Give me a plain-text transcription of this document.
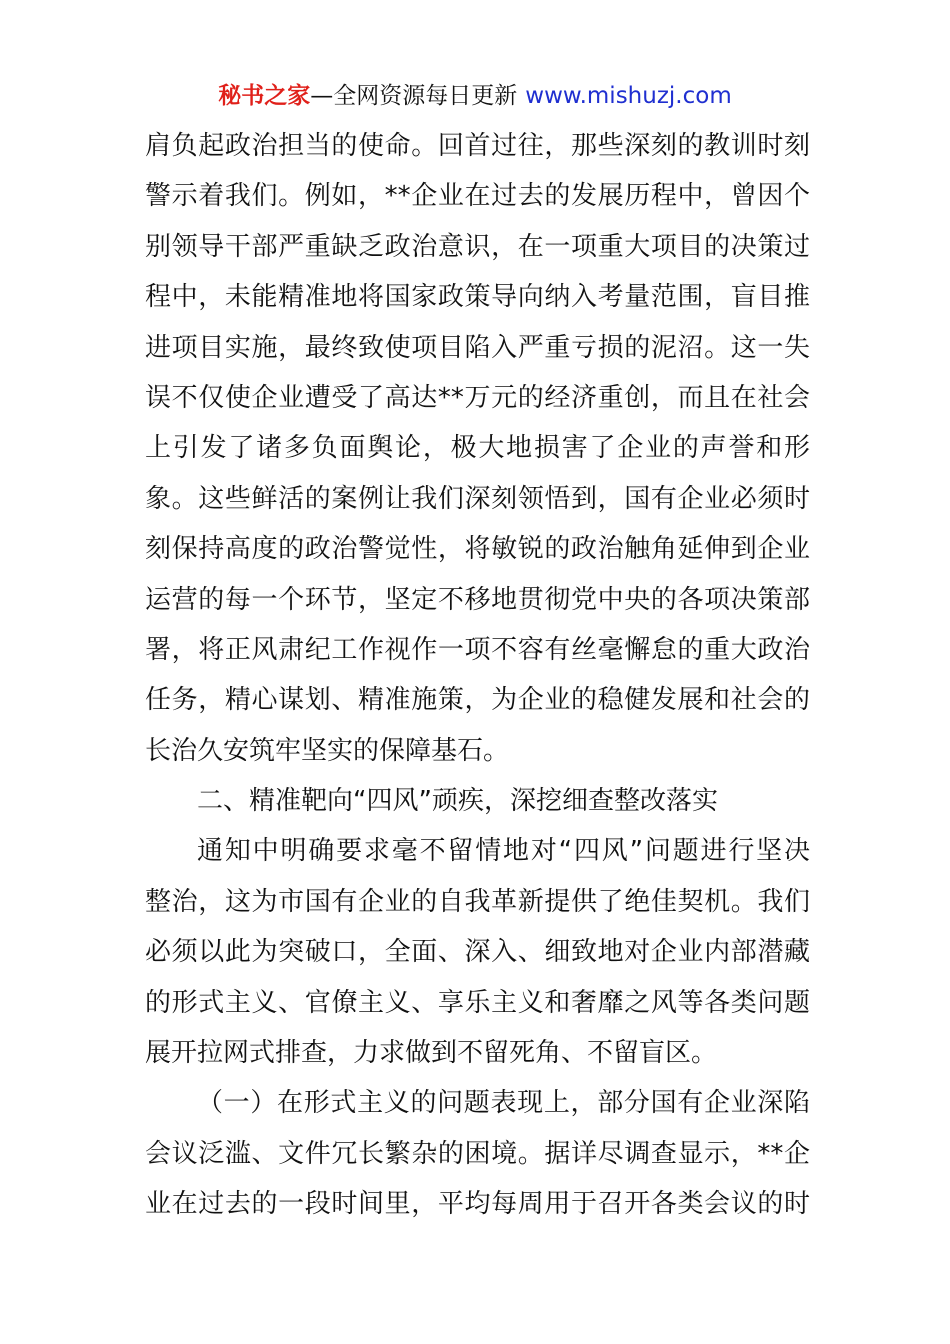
秘书之家—全网资源每日更新 www.mishuzj.com
肩负起政治担当的使命。回首过往，那些深刻的教训时刻
警示着我们。例如，**企业在过去的发展历程中，曾因个
别领导干部严重缺乏政治意识，在一项重大项目的决策过
程中，未能精准地将国家政策导向纳入考量范围，盲目推
进项目实施，最终致使项目陷入严重亏损的泥沼。这一失
误不仅使企业遭受了高达**万元的经济重创，而且在社会
上引发了诸多负面舆论，极大地损害了企业的声誉和形
象。这些鲜活的案例让我们深刻领悟到，国有企业必须时
刻保持高度的政治警觉性，将敏锐的政治触角延伸到企业
运营的每一个环节，坚定不移地贯彻党中央的各项决策部
署，将正风肃纪工作视作一项不容有丝毫懈怠的重大政治
任务，精心谋划、精准施策，为企业的稳健发展和社会的
长治久安筑牢坚实的保障基石。
二、精准靶向“四风”顽疾，深挖细查整改落实
通知中明确要求毫不留情地对“四风”问题进行坚决
整治，这为市国有企业的自我革新提供了绝佳契机。我们
必须以此为突破口，全面、深入、细致地对企业内部潜藏
的形式主义、官僚主义、享乐主义和奢靡之风等各类问题
展开拉网式排查，力求做到不留死角、不留盲区。
（一）在形式主义的问题表现上，部分国有企业深陷
会议泛滥、文件冗长繁杂的困境。据详尽调查显示，**企
业在过去的一段时间里，平均每周用于召开各类会议的时
